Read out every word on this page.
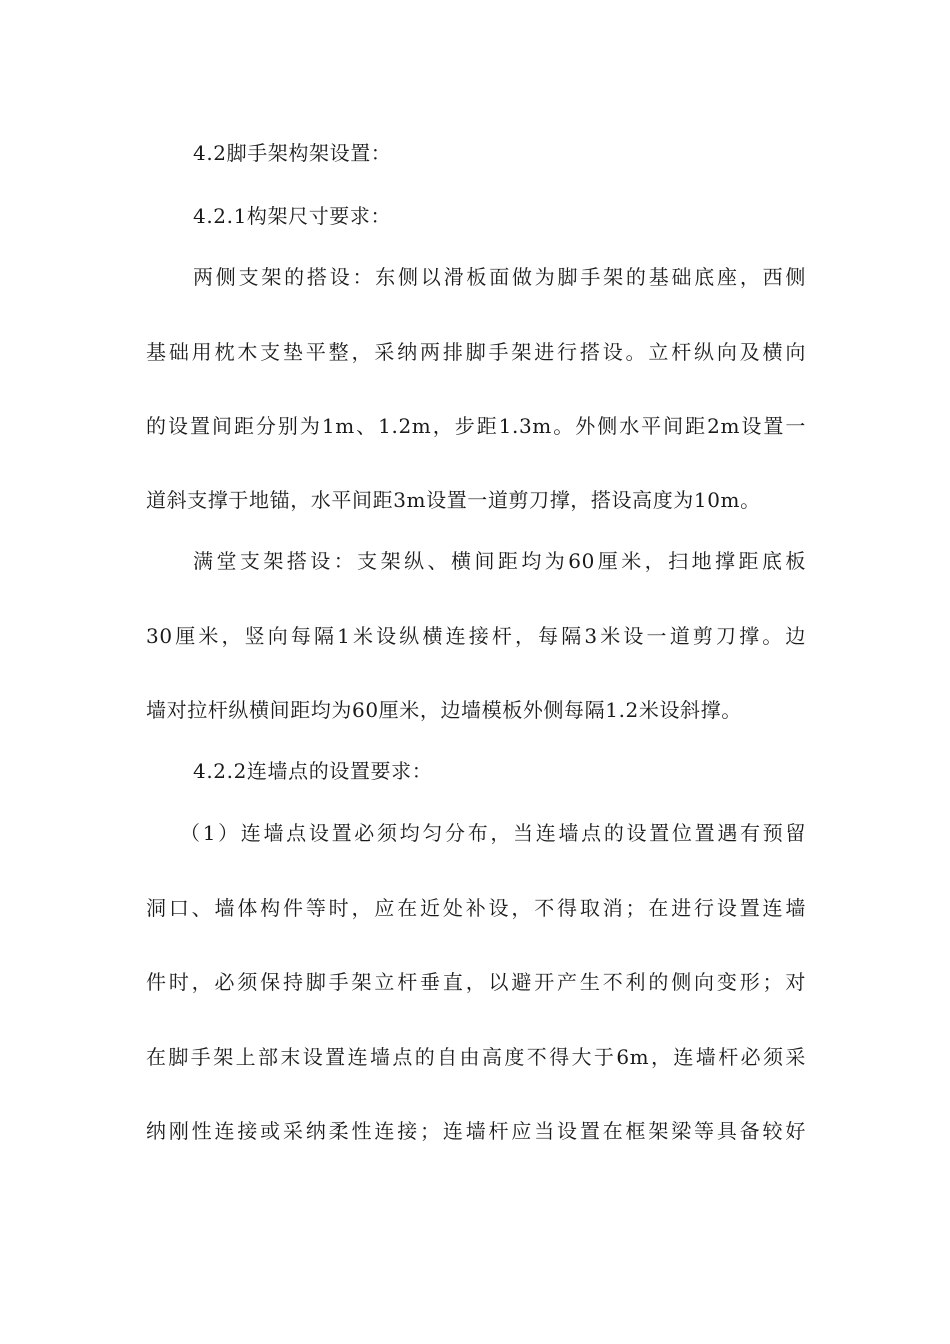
4.2脚手架构架设置：
4.2.1构架尺寸要求：
两侧支架的搭设：东侧以滑板面做为脚手架的基础底座，西侧
基础用枕木支垫平整，采纳两排脚手架进行搭设。立杆纵向及横向
的设置间距分别为1m、1.2m，步距1.3m。外侧水平间距2m设置一
道斜支撑于地锚，水平间距3m设置一道剪刀撑，搭设高度为10m。
满堂支架搭设：支架纵、横间距均为60厘米，扫地撑距底板
30厘米，竖向每隔1米设纵横连接杆，每隔3米设一道剪刀撑。边
墙对拉杆纵横间距均为60厘米，边墙模板外侧每隔1.2米设斜撑。
4.2.2连墙点的设置要求：
（1）连墙点设置必须均匀分布，当连墙点的设置位置遇有预留
洞口、墙体构件等时，应在近处补设，不得取消；在进行设置连墙
件时，必须保持脚手架立杆垂直，以避开产生不利的侧向变形；对
在脚手架上部末设置连墙点的自由高度不得大于6m，连墙杆必须采
纳刚性连接或采纳柔性连接；连墙杆应当设置在框架梁等具备较好
